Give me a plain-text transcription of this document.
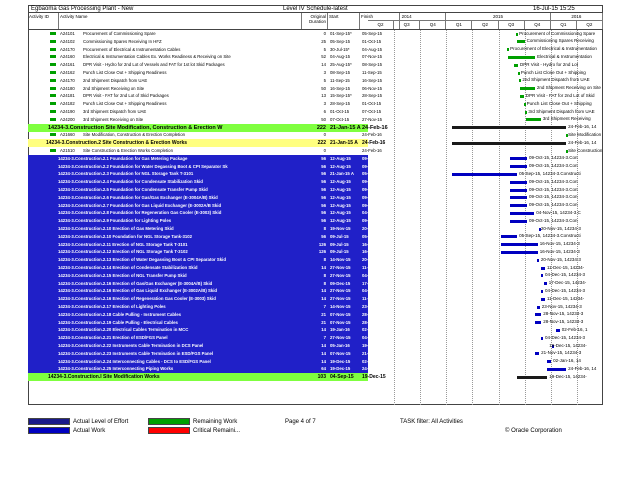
Egbaoma Gas Processing Plant - New	Level IV Schedule-latest	16-Jul-15 15:25
Activity ID	Activity Name	Original Duration
Start	Finish	2014	2015	2016
Q2	Q3	Q4	Q1	Q2	Q3	Q4	Q1	Q2
A24101	Procurement of Commissioning Spare	0 01-Sep-15*	05-Sep-15
A24102	Commissioning Spares Receiving In HFZ	25 05-Sep-15	01-Oct-15
A24170	Procurement of Electrical & Instrumentation Cables	5 30-Jul-15*	04-Aug-15
A24160	Electrical & Instrumentation Cables Ex. Works Readiness & Receiving on Site	52 04-Aug-15	07-Nov-15
A24161	DPR Visit - Hydro for 2nd Lot of Vessels and FAT for 1st lot Skid Packages	14 25-Aug-15*	08-Sep-15
A24162	Punch List Close Out + Shipping Readiness	3 08-Sep-15	11-Sep-15
A24170	2nd Shipment Dispatch from UAE	5 11-Sep-15	16-Sep-15
A24180	2nd Shipment Receiving on Site	50 16-Sep-15	06-Nov-15
A24181	DPR Visit - FAT for 2nd Lot of Skid Packages	13 15-Sep-15*	28-Sep-15
A24182	Punch List Close Out + Shipping Readiness	3 28-Sep-15	01-Oct-15
A24190	3rd Shipment Dispatch from UAE	6 01-Oct-15	07-Oct-15
A24200	3rd Shipment Receiving on Site	50 07-Oct-15	27-Nov-15
14234-3.Construction Site Modification, Construction & Erection W	222 21-Jan-15 A 24-Feb-16
A21660	Site Modification, Construction & Erection Completion	0	24-Feb-16
14234-3.Construction.2 Site Construction & Erection Works	222 21-Jan-15 A 24-Feb-16
A21510	Site Construction & Erection Works Completion	0	24-Feb-16
14234-3.Construction.2.1 Foundation for Gas Metering Package	56 12-Aug-15	09-Oct-15
14234-3.Construction.2.2 Foundation for Water Degassing Boot & CPI Separator Sk	56 12-Aug-15	09-Oct-15
14234-3.Construction.2.3 Foundation for NGL Storage Tank T-3101	56 21-Jan-15 A	05-Sep-15
14234-3.Construction.2.4 Foundation for Condensate Stabilization Skid	56 12-Aug-15	09-Oct-15
14234-3.Construction.2.5 Foundation for Condensate Transfer Pump Skid	56 12-Aug-15	09-Oct-15
14234-3.Construction.2.6 Foundation for Gas/Gas Exchanger (E-3004A/B) Skid	56 12-Aug-15	09-Oct-15
14234-3.Construction.2.7 Foundation for Gas Liquid Exchanger (E-3002A/B Skid	56 12-Aug-15	09-Oct-15
14234-3.Construction.2.8 Foundation for Regeneration Gas Cooler (E-3003) Skid	56 12-Aug-15	04-Nov-15
14234-3.Construction.2.9 Foundation for Lighting Poles	56 12-Aug-15	09-Oct-15
14234-3.Construction.2.10 Erection of Gas Metering Skid	8 19-Nov-15	20-Nov-15
14234-3.Construction.2.10 Foundation for NGL Storage Tank-3102	56 09-Jul-15	05-Sep-15
14234-3.Construction.2.11 Erection of NGL Storage Tank T-3101	126 09-Jul-15	16-Nov-15
14234-3.Construction.2.12 Erection of NGL Storage Tank T-3102	126 09-Jul-15	16-Nov-15
14234-3.Construction.2.13 Erection of Water Degassing Boot & CPI Separator Skid	8 14-Nov-15	20-Nov-15
14234-3.Construction.2.14 Erection of Condensate Stabilization Skid	14 27-Nov-15	11-Dec-15
14234-3.Construction.2.15 Erection of NGL Transfer Pump Skid	8 27-Nov-15	04-Dec-15
14234-3.Construction.2.16 Erection of Gas/Gas Exchanger (E-3004A/B) Skid	8 09-Dec-15	17-Dec-15
14234-3.Construction.2.16 Erection of Gas Liquid Exchanger (E-3002A/B) Skid	14 27-Nov-15	04-Dec-15
14234-3.Construction.2.16 Erection of Regeneration Gas Cooler (E-3003) Skid	14 27-Nov-15	11-Dec-15
14234-3.Construction.2.17 Erection of Lighting Poles	7 14-Nov-15	23-Nov-15
14234-3.Construction.2.18 Cable Pulling - Instrument Cables	21 07-Nov-15	28-Nov-15
14234-3.Construction.2.19 Cable Pulling - Electrical Cables	21 07-Nov-15	28-Nov-15
14234-3.Construction.2.20 Electrical Cables Termination in MCC	14 19-Jan-16	02-Feb-16
14234-3.Construction.2.21 Erection of ESD/FGS Panel	7 27-Nov-15	04-Dec-15
14234-3.Construction.2.22 Instruments Cable Termination in DCS Panel	14 05-Jan-16	19-Dec-15
14234-3.Construction.2.23 Instruments Cable Termination in ESD/FGS Panel	14 07-Nov-15	21-Nov-15
14234-3.Construction.2.24 Interconnecting Cables - DCS to ESD/FGS Panel	14 19-Dec-15	02-Jan-16
14234-3.Construction.2.25 Interconnecting Piping Works	64 19-Dec-15	24-Feb-16
14234-3.Construction.I Site Modification Works	103 04-Sep-15	19-Dec-15
Procurement of Commissioning Spare
Commissioning Spares Receiving
Procurement of Electrical & Instrumentation
Electrical & Instrumentation
DPR Visit - Hydro for 2nd Lot
Punch List Close Out + Shipping
2nd Shipment Dispatch from UAE
2nd Shipment Receiving on Site
DPR Visit - FAT for 2nd Lot of Skid
Punch List Close Out + Shipping
3rd Shipment Dispatch from UAE
3rd Shipment Receiving
24-Feb-16, 14
Site Modification
24-Feb-16, 14
Site Construction
09-Oct-15, 14234-3.Con
09-Oct-15, 14234-3.Con
05-Sep-15, 14234-3.Constructi
09-Oct-15, 14234-3.Con
09-Oct-15, 14234-3.Con
09-Oct-15, 14234-3.Con
09-Oct-15, 14234-3.Con
04-Nov-15, 14234-3.C
09-Oct-15, 14234-3.Con
20-Nov-15, 14234-3
05-Sep-15, 14234-3.Constructi
16-Nov-15, 14234-3
16-Nov-15, 14234-3
20-Nov-15, 14234-3
11-Dec-15, 14234-
04-Dec-15, 14234-3
17-Dec-15, 14234-
04-Dec-15, 14234-3
11-Dec-15, 14234-
23-Nov-15, 14234-3
28-Nov-15, 14234-3
28-Nov-15, 14234-3
02-Feb-16, 1
04-Dec-15, 14234-3
19-Dec-15, 14234-
21-Nov-15, 14234-3
02-Jan-16, 14
24-Feb-16, 14
19-Dec-15, 14234-
Actual Level of Effort
Actual Work
Remaining Work
Critical Remaini...
Page 4 of 7	TASK filter: All Activities
© Oracle Corporation
